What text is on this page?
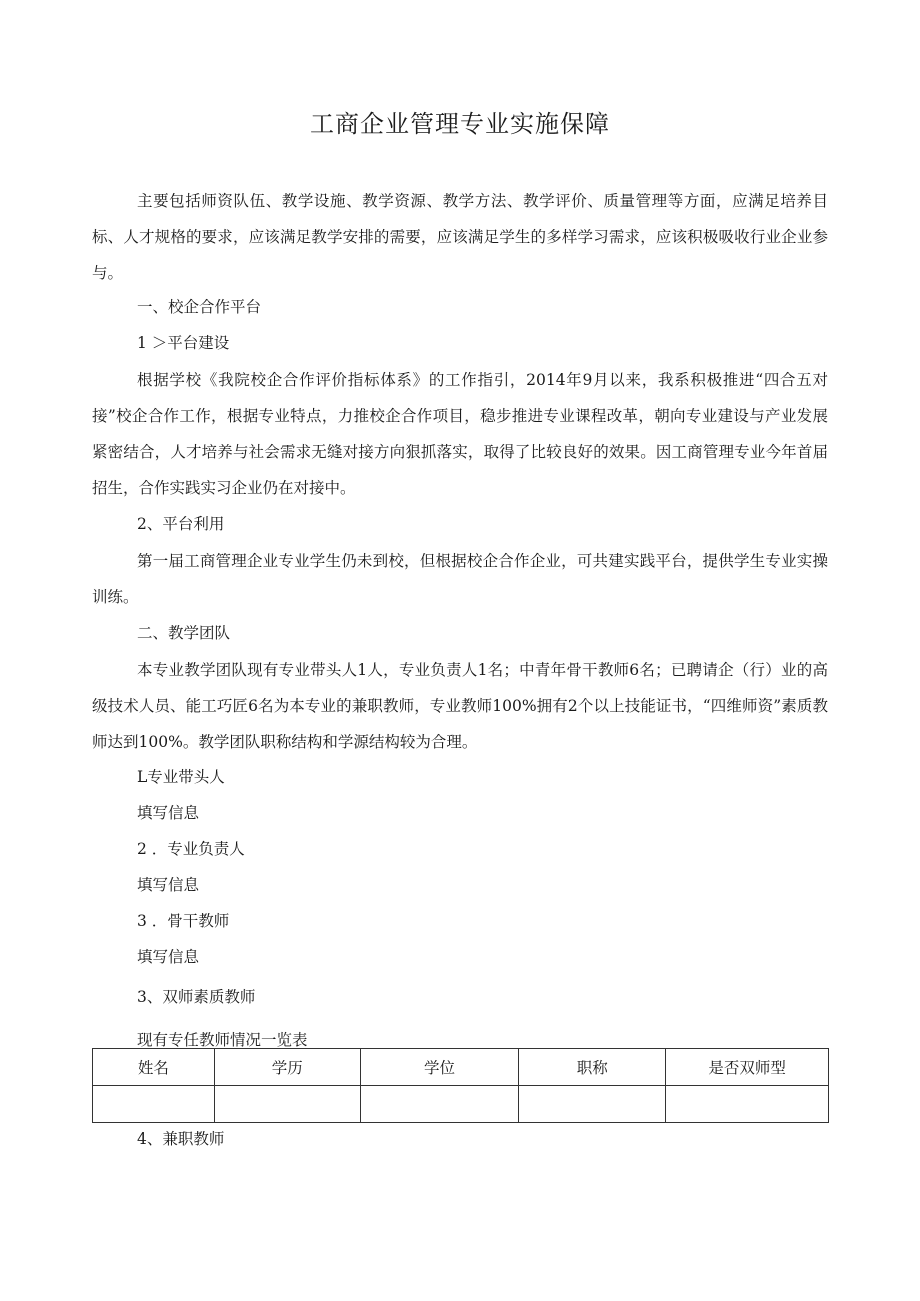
工商企业管理专业实施保障

主要包括师资队伍、教学设施、教学资源、教学方法、教学评价、质量管理等方面，应满足培养目标、人才规格的要求，应该满足教学安排的需要，应该满足学生的多样学习需求，应该积极吸收行业企业参与。

一、校企合作平台
1 ＞平台建设

根据学校《我院校企合作评价指标体系》的工作指引，2014年9月以来，我系积极推进“四合五对接”校企合作工作，根据专业特点，力推校企合作项目，稳步推进专业课程改革，朝向专业建设与产业发展紧密结合，人才培养与社会需求无缝对接方向狠抓落实，取得了比较良好的效果。因工商管理专业今年首届招生，合作实践实习企业仍在对接中。

2、平台利用

第一届工商管理企业专业学生仍未到校，但根据校企合作企业，可共建实践平台，提供学生专业实操训练。

二、教学团队

本专业教学团队现有专业带头人1人，专业负责人1名；中青年骨干教师6名；已聘请企（行）业的高级技术人员、能工巧匠6名为本专业的兼职教师，专业教师100%拥有2个以上技能证书，“四维师资”素质教师达到100%。教学团队职称结构和学源结构较为合理。

L专业带头人
填写信息
2 ．专业负责人
填写信息
3 ．骨干教师
填写信息
3、双师素质教师
现有专任教师情况一览表
姓名	学历	学位	职称	是否双师型

4、兼职教师
